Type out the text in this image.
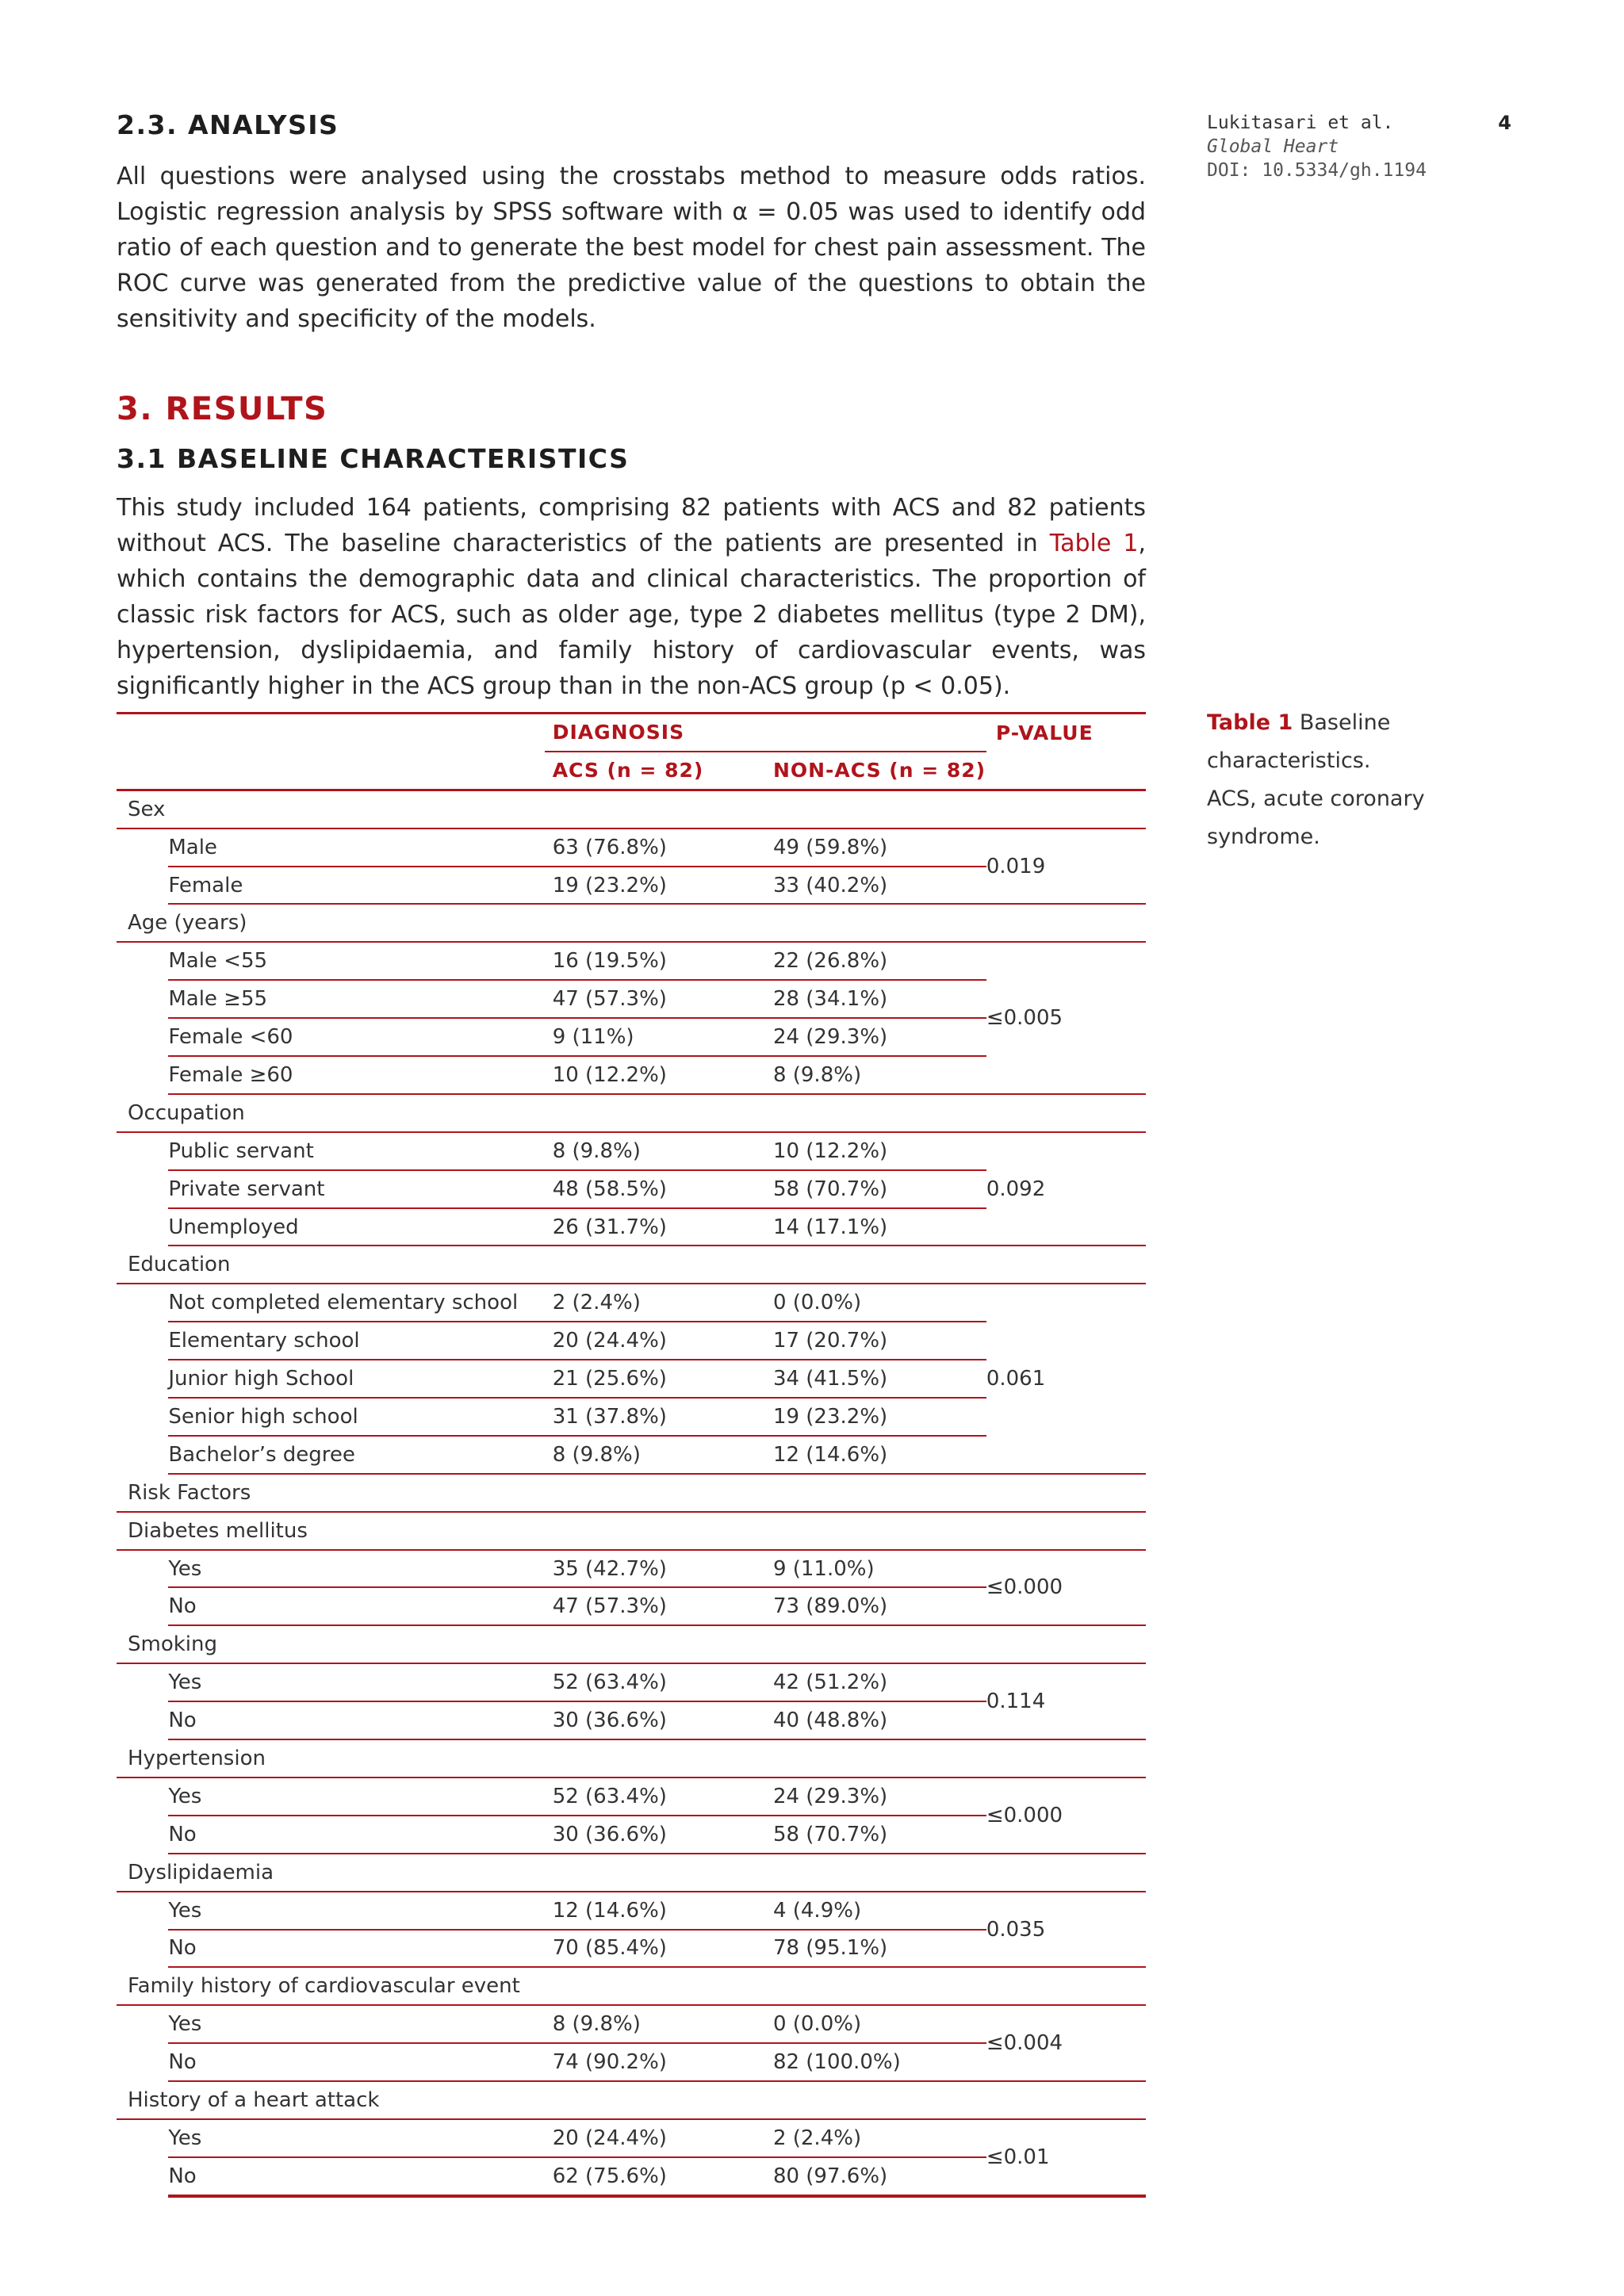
Lukitasari et al.
Global Heart
DOI: 10.5334/gh.1194
4
2.3. ANALYSIS

All questions were analysed using the crosstabs method to measure odds ratios. Logistic regression analysis by SPSS software with α = 0.05 was used to identify odd ratio of each question and to generate the best model for chest pain assessment. The ROC curve was generated from the predictive value of the questions to obtain the sensitivity and specificity of the models.

3. RESULTS
3.1 BASELINE CHARACTERISTICS

This study included 164 patients, comprising 82 patients with ACS and 82 patients without ACS. The baseline characteristics of the patients are presented in Table 1, which contains the demographic data and clinical characteristics. The proportion of classic risk factors for ACS, such as older age, type 2 diabetes mellitus (type 2 DM), hypertension, dyslipidaemia, and family history of cardiovascular events, was significantly higher in the ACS group than in the non-ACS group (p < 0.05).

Table 1 Baseline characteristics.
ACS, acute coronary syndrome.
		DIAGNOSIS		P-VALUE
		ACS (n = 82)	NON-ACS (n = 82)	
Sex				
	Male	63 (76.8%)	49 (59.8%)	0.019
	Female	19 (23.2%)	33 (40.2%)	
Age (years)				
	Male <55	16 (19.5%)	22 (26.8%)	≤0.005
	Male ≥55	47 (57.3%)	28 (34.1%)	
	Female <60	9 (11%)	24 (29.3%)	
	Female ≥60	10 (12.2%)	8 (9.8%)	
Occupation				
	Public servant	8 (9.8%)	10 (12.2%)	0.092
	Private servant	48 (58.5%)	58 (70.7%)	
	Unemployed	26 (31.7%)	14 (17.1%)	
Education				
	Not completed elementary school	2 (2.4%)	0 (0.0%)	0.061
	Elementary school	20 (24.4%)	17 (20.7%)	
	Junior high School	21 (25.6%)	34 (41.5%)	
	Senior high school	31 (37.8%)	19 (23.2%)	
	Bachelor’s degree	8 (9.8%)	12 (14.6%)	
Risk Factors				
Diabetes mellitus				
	Yes	35 (42.7%)	9 (11.0%)	≤0.000
	No	47 (57.3%)	73 (89.0%)	
Smoking				
	Yes	52 (63.4%)	42 (51.2%)	0.114
	No	30 (36.6%)	40 (48.8%)	
Hypertension				
	Yes	52 (63.4%)	24 (29.3%)	≤0.000
	No	30 (36.6%)	58 (70.7%)	
Dyslipidaemia				
	Yes	12 (14.6%)	4 (4.9%)	0.035
	No	70 (85.4%)	78 (95.1%)	
Family history of cardiovascular event				
	Yes	8 (9.8%)	0 (0.0%)	≤0.004
	No	74 (90.2%)	82 (100.0%)	
History of a heart attack				
	Yes	20 (24.4%)	2 (2.4%)	≤0.01
	No	62 (75.6%)	80 (97.6%)	
